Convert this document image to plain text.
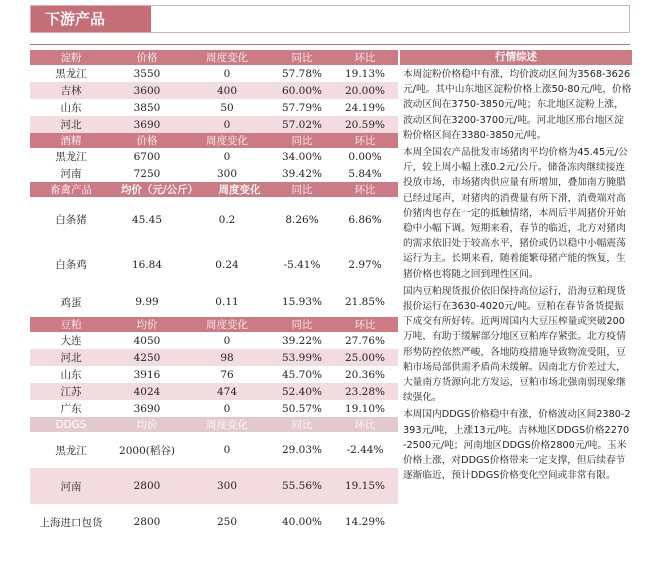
下游产品
淀粉	价格	周度变化	同比	环比
黑龙江	3550	0	57.78%	19.13%
吉林	3600	400	60.00%	20.00%
山东	3850	50	57.79%	24.19%
河北	3690	0	57.02%	20.59%
酒精	价格	周度变化	同比	环比
黑龙江	6700	0	34.00%	0.00%
河南	7250	300	39.42%	5.84%
畜禽产品	均价（元/公斤）	周度变化	同比	环比
白条猪	45.45	0.2	8.26%	6.86%
白条鸡	16.84	0.24	-5.41%	2.97%
鸡蛋	9.99	0.11	15.93%	21.85%
豆粕	均价	周度变化	同比	环比
大连	4050	0	39.22%	27.76%
河北	4250	98	53.99%	25.00%
山东	3916	76	45.70%	20.36%
江苏	4024	474	52.40%	23.28%
广东	3690	0	50.57%	19.10%
DDGS	均价	周度变化	同比	环比
黑龙江	2000(稻谷)	0	29.03%	-2.44%
河南	2800	300	55.56%	19.15%
上海进口包货	2800	250	40.00%	14.29%
行情综述
本周淀粉价格稳中有涨，均价波动区间为3568-3626元/吨。其中山东地区淀粉价格上涨50-80元/吨，价格波动区间在3750-3850元/吨；东北地区淀粉上涨，波动区间在3200-3700元/吨。河北地区邢台地区淀粉价格区间在3380-3850元/吨。
本周全国农产品批发市场猪肉平均价格为45.45元/公斤，较上周小幅上涨0.2元/公斤。储备冻肉继续接连投放市场，市场猪肉供应量有所增加，叠加南方腌腊已经过尾声，对猪肉的消费量有所下滑，消费端对高价猪肉也存在一定的抵触情绪，本周后半周猪价开始稳中小幅下调。短期来看，春节的临近，北方对猪肉的需求依旧处于较高水平，猪价或仍以稳中小幅震荡运行为主。长期来看，随着能繁母猪产能的恢复，生猪价格也将随之回到理性区间。
国内豆粕现货报价依旧保持高位运行，沿海豆粕现货报价运行在3630-4020元/吨。豆粕在春节备货提振下成交有所好转。近两周国内大豆压榨量或突破200万吨，有助于缓解部分地区豆粕库存紧张。北方疫情形势防控依然严峻，各地防疫措施导致物流受阻，豆粕市场局部供需矛盾尚未缓解。因南北方价差过大，大量南方货源向北方发运，豆粕市场北强南弱现象继续强化。
本周国内DDGS价格稳中有涨，价格波动区间2380-2393元/吨，上涨13元/吨。吉林地区DDGS价格2270-2500元/吨；河南地区DDGS价格2800元/吨。玉米价格上涨，对DDGS价格带来一定支撑，但后续春节逐渐临近，预计DDGS价格变化空间或非常有限。
